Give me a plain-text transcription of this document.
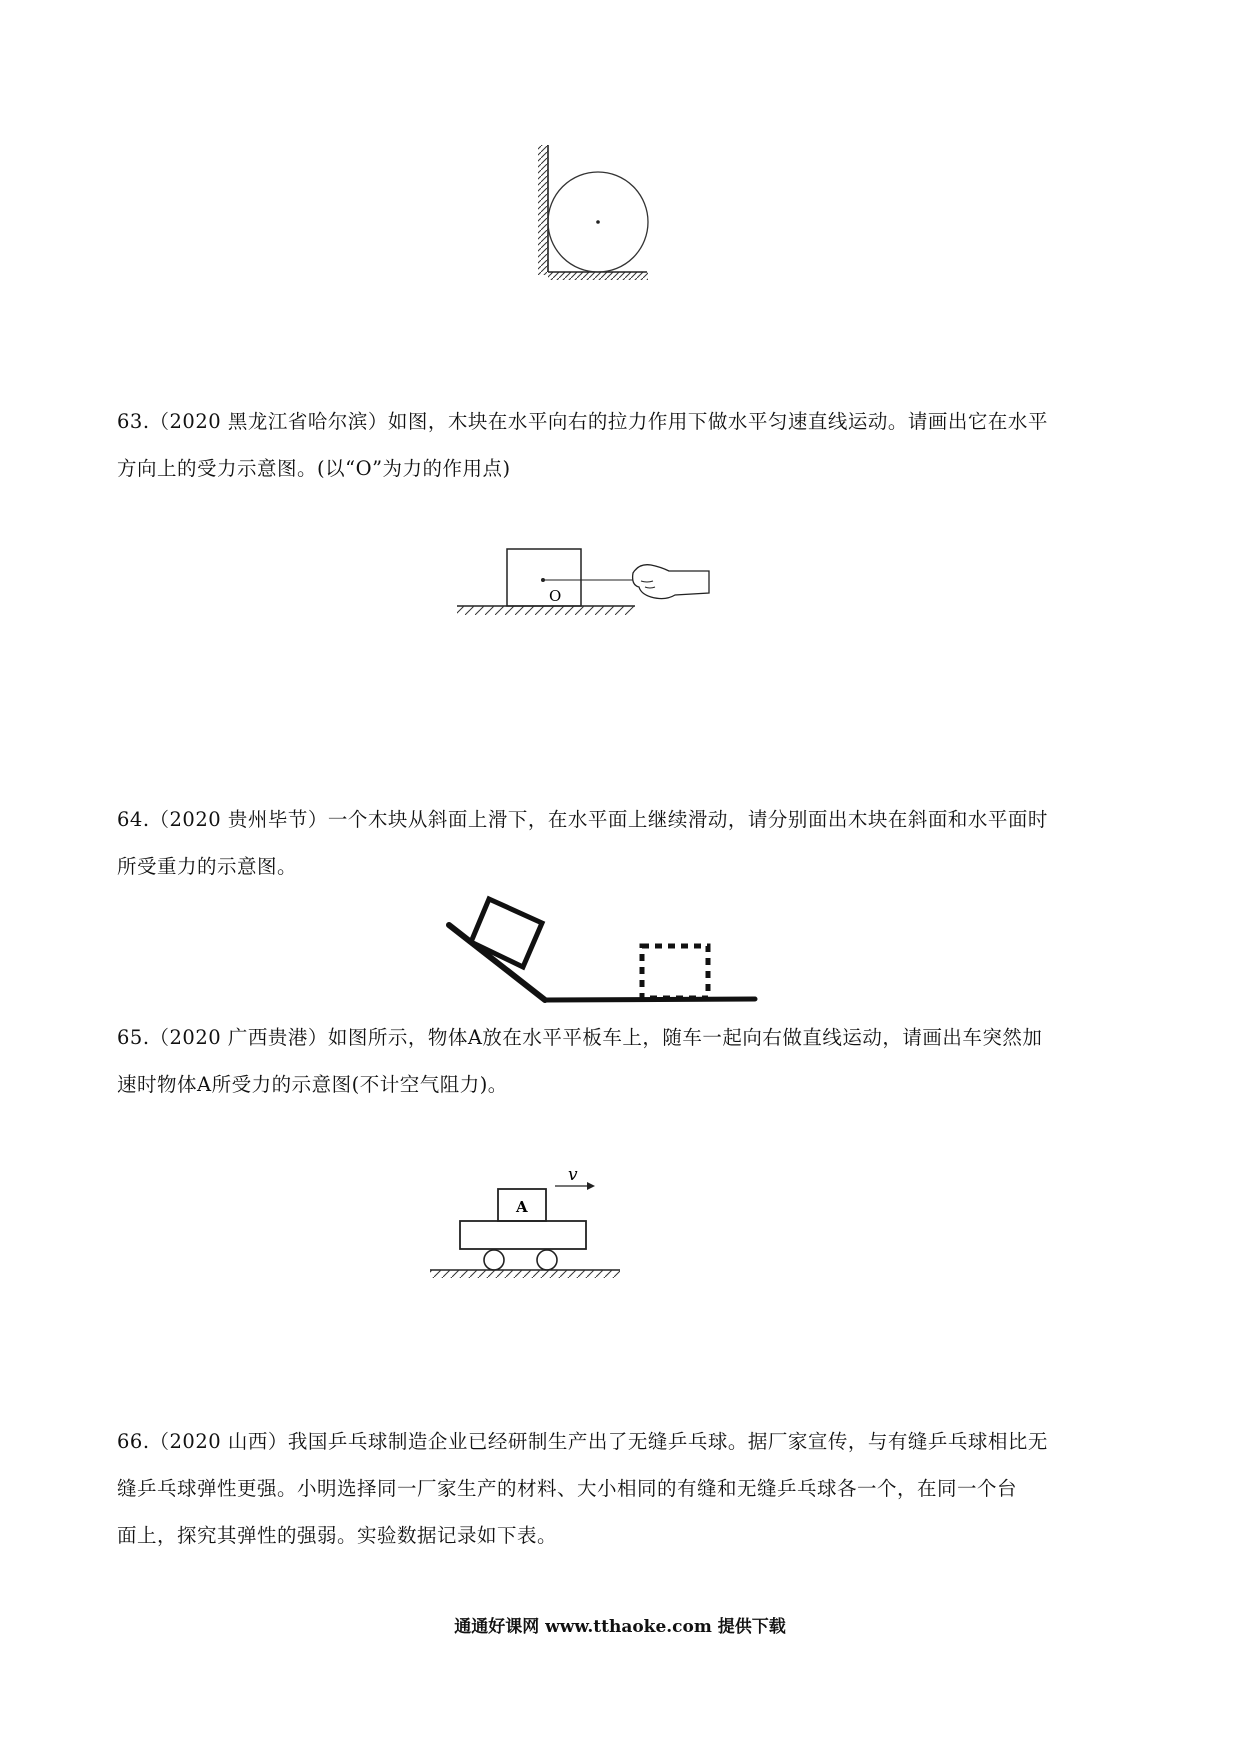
63.（2020 黑龙江省哈尔滨）如图，木块在水平向右的拉力作用下做水平匀速直线运动。请画出它在水平

方向上的受力示意图。(以“O”为力的作用点)

O

64.（2020 贵州毕节）一个木块从斜面上滑下，在水平面上继续滑动，请分别面出木块在斜面和水平面时

所受重力的示意图。

65.（2020 广西贵港）如图所示，物体A放在水平平板车上，随车一起向右做直线运动，请画出车突然加

速时物体A所受力的示意图(不计空气阻力)。

v
A

66.（2020 山西）我国乒乓球制造企业已经研制生产出了无缝乒乓球。据厂家宣传，与有缝乒乓球相比无

缝乒乓球弹性更强。小明选择同一厂家生产的材料、大小相同的有缝和无缝乒乓球各一个，在同一个台

面上，探究其弹性的强弱。实验数据记录如下表。

通通好课网 www.tthaoke.com 提供下载
